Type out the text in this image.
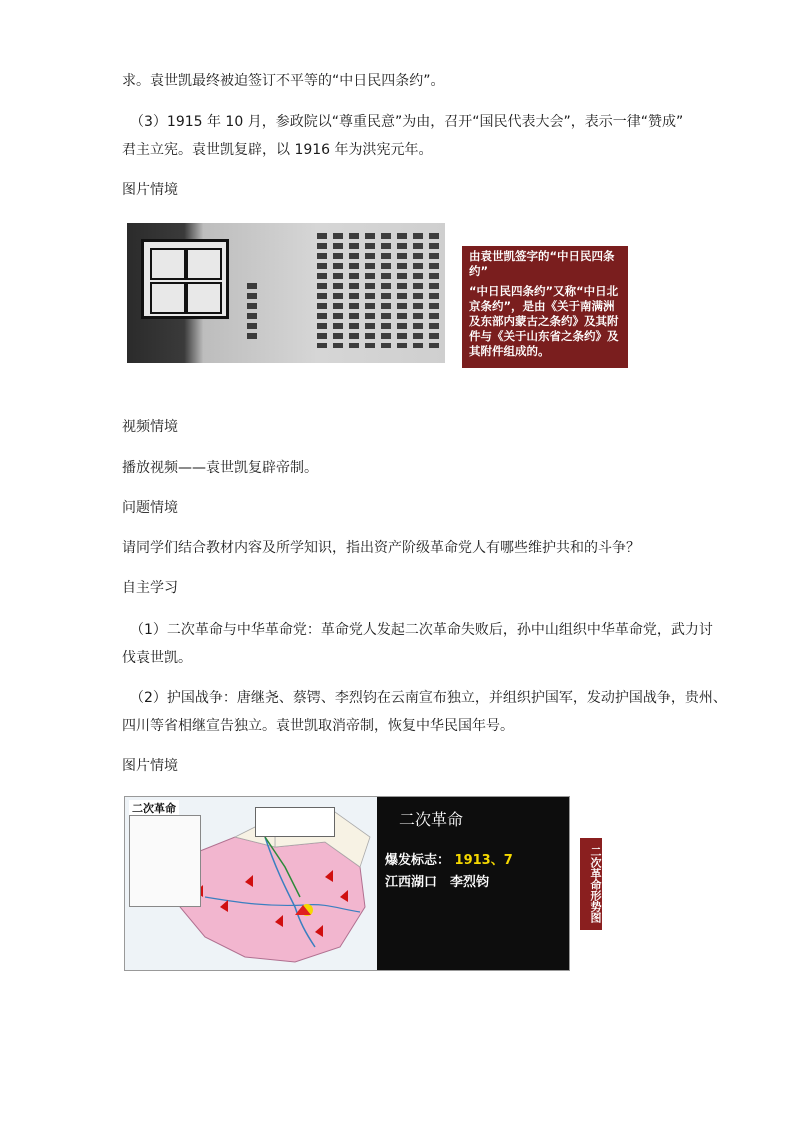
求。袁世凯最终被迫签订不平等的“中日民四条约”。
（3）1915 年 10 月，参政院以“尊重民意”为由，召开“国民代表大会”，表示一律“赞成”
君主立宪。袁世凯复辟，以 1916 年为洪宪元年。
图片情境
由袁世凯签字的“中日民四条约”
“中日民四条约”又称“中日北京条约”，是由《关于南满洲及东部内蒙古之条约》及其附件与《关于山东省之条约》及其附件组成的。
视频情境
播放视频——袁世凯复辟帝制。
问题情境
请同学们结合教材内容及所学知识，指出资产阶级革命党人有哪些维护共和的斗争？
自主学习
（1）二次革命与中华革命党：革命党人发起二次革命失败后，孙中山组织中华革命党，武力讨
伐袁世凯。
（2）护国战争：唐继尧、蔡锷、李烈钧在云南宣布独立，并组织护国军，发动护国战争，贵州、
四川等省相继宣告独立。袁世凯取消帝制，恢复中华民国年号。
图片情境
二次革命
二次革命
爆发标志： 1913、7
江西湖口　李烈钧	二次革命形势图
